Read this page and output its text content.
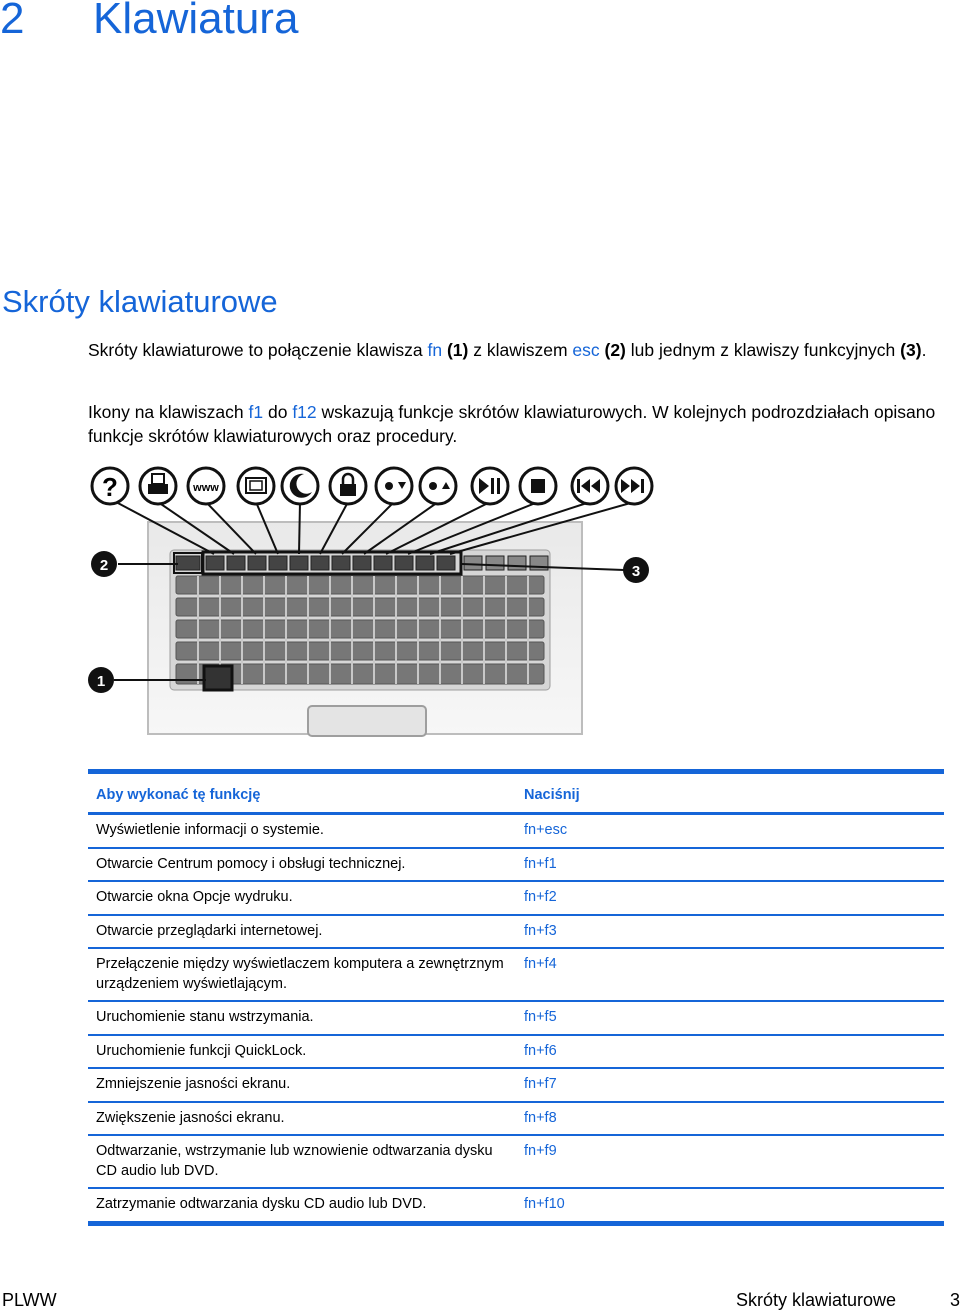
2 Klawiatura
Skróty klawiaturowe
Skróty klawiaturowe to połączenie klawisza fn (1) z klawiszem esc (2) lub jednym z klawiszy funkcyjnych (3).
Ikony na klawiszach f1 do f12 wskazują funkcje skrótów klawiaturowych. W kolejnych podrozdziałach opisano funkcje skrótów klawiaturowych oraz procedury.
?	www
2
1
3
Aby wykonać tę funkcję	Naciśnij
Wyświetlenie informacji o systemie.	fn+esc
Otwarcie Centrum pomocy i obsługi technicznej.	fn+f1
Otwarcie okna Opcje wydruku.	fn+f2
Otwarcie przeglądarki internetowej.	fn+f3
Przełączenie między wyświetlaczem komputera a zewnętrznym urządzeniem wyświetlającym.	fn+f4
Uruchomienie stanu wstrzymania.	fn+f5
Uruchomienie funkcji QuickLock.	fn+f6
Zmniejszenie jasności ekranu.	fn+f7
Zwiększenie jasności ekranu.	fn+f8
Odtwarzanie, wstrzymanie lub wznowienie odtwarzania dysku CD audio lub DVD.	fn+f9
Zatrzymanie odtwarzania dysku CD audio lub DVD.	fn+f10
PLWW	Skróty klawiaturowe	3
